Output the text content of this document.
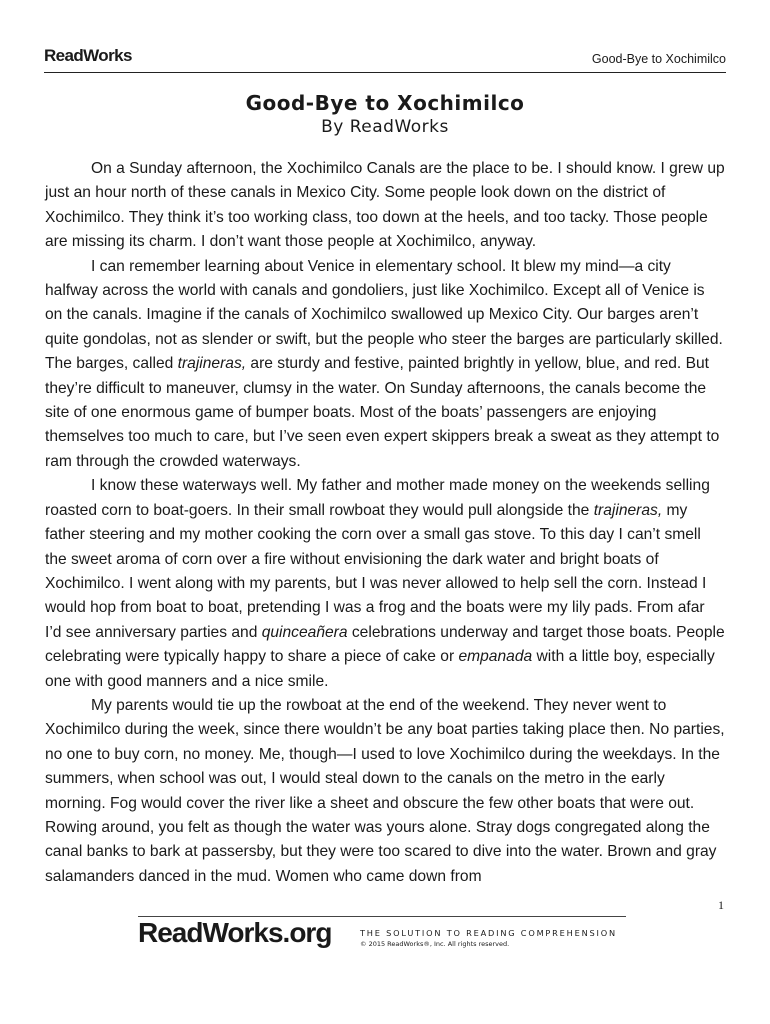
ReadWorks	Good-Bye to Xochimilco
Good-Bye to Xochimilco
By ReadWorks

On a Sunday afternoon, the Xochimilco Canals are the place to be. I should know. I grew up just an hour north of these canals in Mexico City. Some people look down on the district of Xochimilco. They think it’s too working class, too down at the heels, and too tacky. Those people are missing its charm. I don’t want those people at Xochimilco, anyway.

I can remember learning about Venice in elementary school. It blew my mind—a city halfway across the world with canals and gondoliers, just like Xochimilco. Except all of Venice is on the canals. Imagine if the canals of Xochimilco swallowed up Mexico City. Our barges aren’t quite gondolas, not as slender or swift, but the people who steer the barges are particularly skilled. The barges, called trajineras, are sturdy and festive, painted brightly in yellow, blue, and red. But they’re difficult to maneuver, clumsy in the water. On Sunday afternoons, the canals become the site of one enormous game of bumper boats. Most of the boats’ passengers are enjoying themselves too much to care, but I’ve seen even expert skippers break a sweat as they attempt to ram through the crowded waterways.

I know these waterways well. My father and mother made money on the weekends selling roasted corn to boat-goers. In their small rowboat they would pull alongside the trajineras, my father steering and my mother cooking the corn over a small gas stove. To this day I can’t smell the sweet aroma of corn over a fire without envisioning the dark water and bright boats of Xochimilco. I went along with my parents, but I was never allowed to help sell the corn. Instead I would hop from boat to boat, pretending I was a frog and the boats were my lily pads. From afar I’d see anniversary parties and quinceañera celebrations underway and target those boats. People celebrating were typically happy to share a piece of cake or empanada with a little boy, especially one with good manners and a nice smile.

My parents would tie up the rowboat at the end of the weekend. They never went to Xochimilco during the week, since there wouldn’t be any boat parties taking place then. No parties, no one to buy corn, no money. Me, though—I used to love Xochimilco during the weekdays. In the summers, when school was out, I would steal down to the canals on the metro in the early morning. Fog would cover the river like a sheet and obscure the few other boats that were out. Rowing around, you felt as though the water was yours alone. Stray dogs congregated along the canal banks to bark at passersby, but they were too scared to dive into the water. Brown and gray salamanders danced in the mud. Women who came down from

1
ReadWorks.org	THE SOLUTION TO READING COMPREHENSION
© 2015 ReadWorks®, Inc. All rights reserved.
